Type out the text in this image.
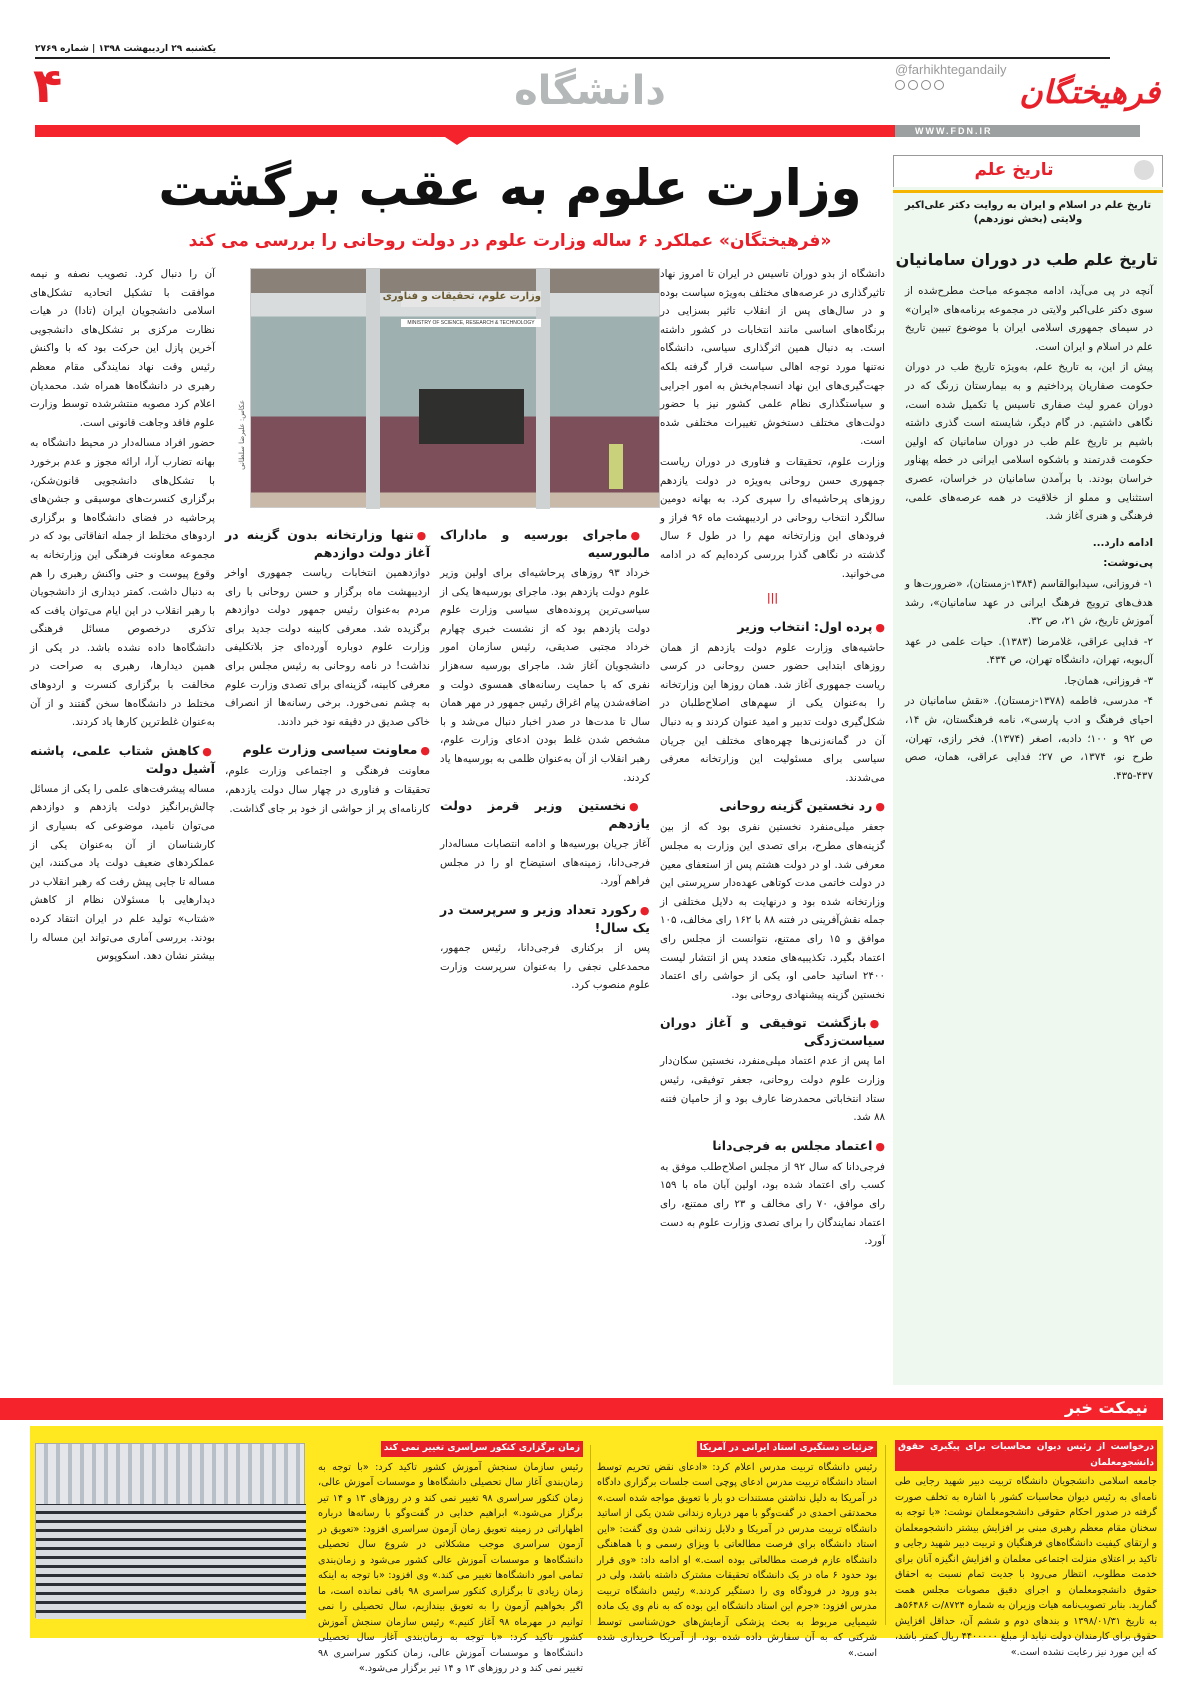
یکشنبه ۲۹ اردیبهشت ۱۳۹۸ | شماره ۲۷۶۹
فرهیختگان
@farhikhtegandaily
دانشگاه
۴
WWW.FDN.IR
وزارت علوم به عقب برگشت
«فرهیختگان» عملکرد ۶ ساله وزارت علوم در دولت روحانی را بررسی می کند
وزارت علوم، تحقیقات و فناوری
MINISTRY OF SCIENCE, RESEARCH & TECHNOLOGY
عکاس: علیرضا سلطانی

دانشگاه از بدو دوران تاسیس در ایران تا امروز نهاد تاثیرگذاری در عرصه‌های مختلف به‌ویژه سیاست بوده و در سال‌های پس از انقلاب تاثیر بسزایی در برنگاه‌های اساسی مانند انتخابات در کشور داشته است. به دنبال همین اثرگذاری سیاسی، دانشگاه نه‌تنها مورد توجه اهالی سیاست قرار گرفته بلکه جهت‌گیری‌های این نهاد انسجام‌بخش به امور اجرایی و سیاستگذاری نظام علمی کشور نیز با حضور دولت‌های مختلف دستخوش تغییرات مختلفی شده است.

وزارت علوم، تحقیقات و فناوری در دوران ریاست جمهوری حسن روحانی به‌ویژه در دولت یازدهم روزهای پرحاشیه‌ای را سپری کرد. به بهانه دومین سالگرد انتخاب روحانی در اردیبهشت ماه ۹۶ فراز و فرودهای این وزارتخانه مهم را در طول ۶ سال گذشته در نگاهی گذرا بررسی کرده‌ایم که در ادامه می‌خوانید.

|||
● پرده اول: انتخاب وزیر

حاشیه‌های وزارت علوم دولت یازدهم از همان روزهای ابتدایی حضور حسن روحانی در کرسی ریاست جمهوری آغاز شد. همان روزها این وزارتخانه را به‌عنوان یکی از سهم‌های اصلاح‌طلبان در شکل‌گیری دولت تدبیر و امید عنوان کردند و به دنبال آن در گمانه‌زنی‌ها چهره‌های مختلف این جریان سیاسی برای مسئولیت این وزارتخانه معرفی می‌شدند.

● رد نخستین گزینه روحانی

جعفر میلی‌منفرد نخستین نفری بود که از بین گزینه‌های مطرح، برای تصدی این وزارت به مجلس معرفی شد. او در دولت هشتم پس از استعفای معین در دولت خاتمی مدت کوتاهی عهده‌دار سرپرستی این وزارتخانه شده بود و درنهایت به دلایل مختلفی از جمله نقش‌آفرینی در فتنه ۸۸ با ۱۶۲ رای مخالف، ۱۰۵ موافق و ۱۵ رای ممتنع، نتوانست از مجلس رای اعتماد بگیرد. تکذیبیه‌های متعدد پس از انتشار لیست ۲۴۰۰ اساتید حامی او، یکی از حواشی رای اعتماد نخستین گزینه پیشنهادی روحانی بود.

● بازگشت توفیقی و آغاز دوران سیاست‌زدگی

اما پس از عدم اعتماد میلی‌منفرد، نخستین سکان‌دار وزارت علوم دولت روحانی، جعفر توفیقی، رئیس ستاد انتخاباتی محمدرضا عارف بود و از حامیان فتنه ۸۸ شد.

● اعتماد مجلس به فرجی‌دانا

فرجی‌دانا که سال ۹۲ از مجلس اصلاح‌طلب موفق به کسب رای اعتماد شده بود، اولین آبان ماه با ۱۵۹ رای موافق، ۷۰ رای مخالف و ۲۳ رای ممتنع، رای اعتماد نمایندگان را برای تصدی وزارت علوم به دست آورد.

● ماجرای بورسیه و ماداراک مالبورسیه

خرداد ۹۳ روزهای پرحاشیه‌ای برای اولین وزیر علوم دولت یازدهم بود. ماجرای بورسیه‌ها یکی از سیاسی‌ترین پرونده‌های سیاسی وزارت علوم دولت یازدهم بود که از نشست خبری چهارم خرداد مجتبی صدیقی، رئیس سازمان امور دانشجویان آغاز شد. ماجرای بورسیه سه‌هزار نفری که با حمایت رسانه‌های همسوی دولت و اضافه‌شدن پیام اغراق رئیس جمهور در مهر همان سال تا مدت‌ها در صدر اخبار دنبال می‌شد و با مشخص شدن غلط بودن ادعای وزارت علوم، رهبر انقلاب از آن به‌عنوان ظلمی به بورسیه‌ها یاد کردند.

● نخستین وزیر قرمز دولت یازدهم

آغاز جریان بورسیه‌ها و ادامه انتصابات مساله‌دار فرجی‌دانا، زمینه‌های استیضاح او را در مجلس فراهم آورد.

● رکورد تعداد وزیر و سرپرست در یک سال!

پس از برکناری فرجی‌دانا، رئیس جمهور، محمدعلی نجفی را به‌عنوان سرپرست وزارت علوم منصوب کرد.

● تنها وزارتخانه بدون گزینه در آغاز دولت دوازدهم

دوازدهمین انتخابات ریاست جمهوری اواخر اردیبهشت ماه برگزار و حسن روحانی با رای مردم به‌عنوان رئیس جمهور دولت دوازدهم برگزیده شد. معرفی کابینه دولت جدید برای وزارت علوم دوباره آورده‌ای جز بلاتکلیفی نداشت! در نامه روحانی به رئیس مجلس برای معرفی کابینه، گزینه‌ای برای تصدی وزارت علوم به چشم نمی‌خورد. برخی رسانه‌ها از انصراف خاکی صدیق در دقیقه نود خبر دادند.

● معاونت سیاسی وزارت علوم

معاونت فرهنگی و اجتماعی وزارت علوم، تحقیقات و فناوری در چهار سال دولت یازدهم، کارنامه‌ای پر از حواشی از خود بر جای گذاشت.

آن را دنبال کرد. تصویب نصفه و نیمه موافقت با تشکیل اتحادیه تشکل‌های اسلامی دانشجویان ایران (تادا) در هیات نظارت مرکزی بر تشکل‌های دانشجویی آخرین پازل این حرکت بود که با واکنش رئیس وقت نهاد نمایندگی مقام معظم رهبری در دانشگاه‌ها همراه شد. محمدیان اعلام کرد مصوبه منتشرشده توسط وزارت علوم فاقد وجاهت قانونی است.

حضور افراد مساله‌دار در محیط دانشگاه به بهانه تضارب آرا، ارائه مجوز و عدم برخورد با تشکل‌های دانشجویی قانون‌شکن، برگزاری کنسرت‌های موسیقی و جشن‌های پرحاشیه در فضای دانشگاه‌ها و برگزاری اردوهای مختلط از جمله اتفاقاتی بود که در مجموعه معاونت فرهنگی این وزارتخانه به وقوع پیوست و حتی واکنش رهبری را هم به دنبال داشت. کمتر دیداری از دانشجویان با رهبر انقلاب در این ایام می‌توان یافت که تذکری درخصوص مسائل فرهنگی دانشگاه‌ها داده نشده باشد. در یکی از همین دیدارها، رهبری به صراحت در مخالفت با برگزاری کنسرت و اردوهای مختلط در دانشگاه‌ها سخن گفتند و از آن به‌عنوان غلط‌ترین کارها یاد کردند.

● کاهش شتاب علمی، پاشنه آشیل دولت

مساله پیشرفت‌های علمی را یکی از مسائل چالش‌برانگیز دولت یازدهم و دوازدهم می‌توان نامید، موضوعی که بسیاری از کارشناسان از آن به‌عنوان یکی از عملکردهای ضعیف دولت یاد می‌کنند، این مساله تا جایی پیش رفت که رهبر انقلاب در دیدارهایی با مسئولان نظام از کاهش «شتاب» تولید علم در ایران انتقاد کرده بودند. بررسی آماری می‌تواند این مساله را بیشتر نشان دهد. اسکوپوس

تاریخ علم
تاریخ علم در اسلام و ایران به روایت دکتر علی‌اکبر ولایتی (بخش نوزدهم)
تاریخ علم طب در دوران سامانیان

آنچه در پی می‌آید، ادامه مجموعه مباحث مطرح‌شده از سوی دکتر علی‌اکبر ولایتی در مجموعه برنامه‌های «ایران» در سیمای جمهوری اسلامی ایران با موضوع تبیین تاریخ علم در اسلام و ایران است.

پیش از این، به تاریخ علم، به‌ویژه تاریخ طب در دوران حکومت صفاریان پرداختیم و به بیمارستان زرنگ که در دوران عمرو لیث صفاری تاسیس یا تکمیل شده است، نگاهی داشتیم. در گام دیگر، شایسته است گذری داشته باشیم بر تاریخ علم طب در دوران سامانیان که اولین حکومت قدرتمند و باشکوه اسلامی ایرانی در خطه پهناور خراسان بودند. با برآمدن سامانیان در خراسان، عصری استثنایی و مملو از خلاقیت در همه عرصه‌های علمی، فرهنگی و هنری آغاز شد.

ادامه دارد...

پی‌نوشت:

۱- فروزانی، سیدابوالقاسم (۱۳۸۴-زمستان)، «ضرورت‌ها و هدف‌های ترویج فرهنگ ایرانی در عهد سامانیان»، رشد آموزش تاریخ، ش ۲۱، ص ۳۲.

۲- فدایی عراقی، غلامرضا (۱۳۸۳). حیات علمی در عهد آل‌بویه، تهران، دانشگاه تهران، ص ۴۳۴.

۳- فروزانی، همان‌جا.

۴- مدرسی، فاطمه (۱۳۷۸-زمستان). «نقش سامانیان در احیای فرهنگ و ادب پارسی»، نامه فرهنگستان، ش ۱۴، ص ۹۲ و ۱۰۰؛ دادبه، اصغر (۱۳۷۴). فخر رازی، تهران، طرح نو، ۱۳۷۴، ص ۲۷؛ فدایی عراقی، همان، صص ۴۳۷-۴۳۵.

نیمکت خبر
درخواست از رئیس دیوان محاسبات برای پیگیری حقوق دانشجومعلمان
جامعه اسلامی دانشجویان دانشگاه تربیت دبیر شهید رجایی طی نامه‌ای به رئیس دیوان محاسبات کشور با اشاره به تخلف صورت گرفته در صدور احکام حقوقی دانشجومعلمان نوشت: «با توجه به سخنان مقام معظم رهبری مبنی بر افزایش بیشتر دانشجومعلمان و ارتقای کیفیت دانشگاه‌های فرهنگیان و تربیت دبیر شهید رجایی و تاکید بر اعتلای منزلت اجتماعی معلمان و افزایش انگیزه آنان برای خدمت مطلوب، انتظار می‌رود با جدیت تمام نسبت به احقاق حقوق دانشجومعلمان و اجرای دقیق مصوبات مجلس همت گمارید. بنابر تصویب‌نامه هیات وزیران به شماره ۸۷۲۴/ت ۵۶۴۸۶هـ به تاریخ ۱۳۹۸/۰۱/۳۱ و بندهای دوم و ششم آن، حداقل افزایش حقوق برای کارمندان دولت نباید از مبلغ ۴۴۰۰۰۰۰ ریال کمتر باشد، که این مورد نیز رعایت نشده است.»
جزئیات دستگیری استاد ایرانی در آمریکا
رئیس دانشگاه تربیت مدرس اعلام کرد: «ادعای نقض تحریم توسط استاد دانشگاه تربیت مدرس ادعای پوچی است جلسات برگزاری دادگاه در آمریکا به دلیل نداشتن مستندات دو بار با تعویق مواجه شده است.» محمدتقی احمدی در گفت‌وگو با مهر درباره زندانی شدن یکی از اساتید دانشگاه تربیت مدرس در آمریکا و دلایل زندانی شدن وی گفت: «این استاد دانشگاه برای فرصت مطالعاتی با ویزای رسمی و با هماهنگی دانشگاه عازم فرصت مطالعاتی بوده است.» او ادامه داد: «وی قرار بود حدود ۶ ماه در یک دانشگاه تحقیقات مشترک داشته باشد، ولی در بدو ورود در فرودگاه وی را دستگیر کردند.» رئیس دانشگاه تربیت مدرس افزود: «جرم این استاد دانشگاه این بوده که به نام وی یک ماده شیمیایی مربوط به بحث پزشکی آزمایش‌های خون‌شناسی توسط شرکتی که به آن سفارش داده شده بود، از آمریکا خریداری شده است.»
زمان برگزاری کنکور سراسری تغییر نمی کند
رئیس سازمان سنجش آموزش کشور تاکید کرد: «با توجه به زمان‌بندی آغاز سال تحصیلی دانشگاه‌ها و موسسات آموزش عالی، زمان کنکور سراسری ۹۸ تغییر نمی کند و در روزهای ۱۳ و ۱۴ تیر برگزار می‌شود.» ابراهیم خدایی در گفت‌وگو با رسانه‌ها درباره اظهاراتی در زمینه تعویق زمان آزمون سراسری افزود: «تعویق در آزمون سراسری موجب مشکلاتی در شروع سال تحصیلی دانشگاه‌ها و موسسات آموزش عالی کشور می‌شود و زمان‌بندی تمامی امور دانشگاه‌ها تغییر می کند.» وی افزود: «با توجه به اینکه زمان زیادی تا برگزاری کنکور سراسری ۹۸ باقی نمانده است، ما اگر بخواهیم آزمون را به تعویق بیندازیم، سال تحصیلی را نمی توانیم در مهرماه ۹۸ آغاز کنیم.» رئیس سازمان سنجش آموزش کشور تاکید کرد: «با توجه به زمان‌بندی آغاز سال تحصیلی دانشگاه‌ها و موسسات آموزش عالی، زمان کنکور سراسری ۹۸ تغییر نمی کند و در روزهای ۱۳ و ۱۴ تیر برگزار می‌شود.»
